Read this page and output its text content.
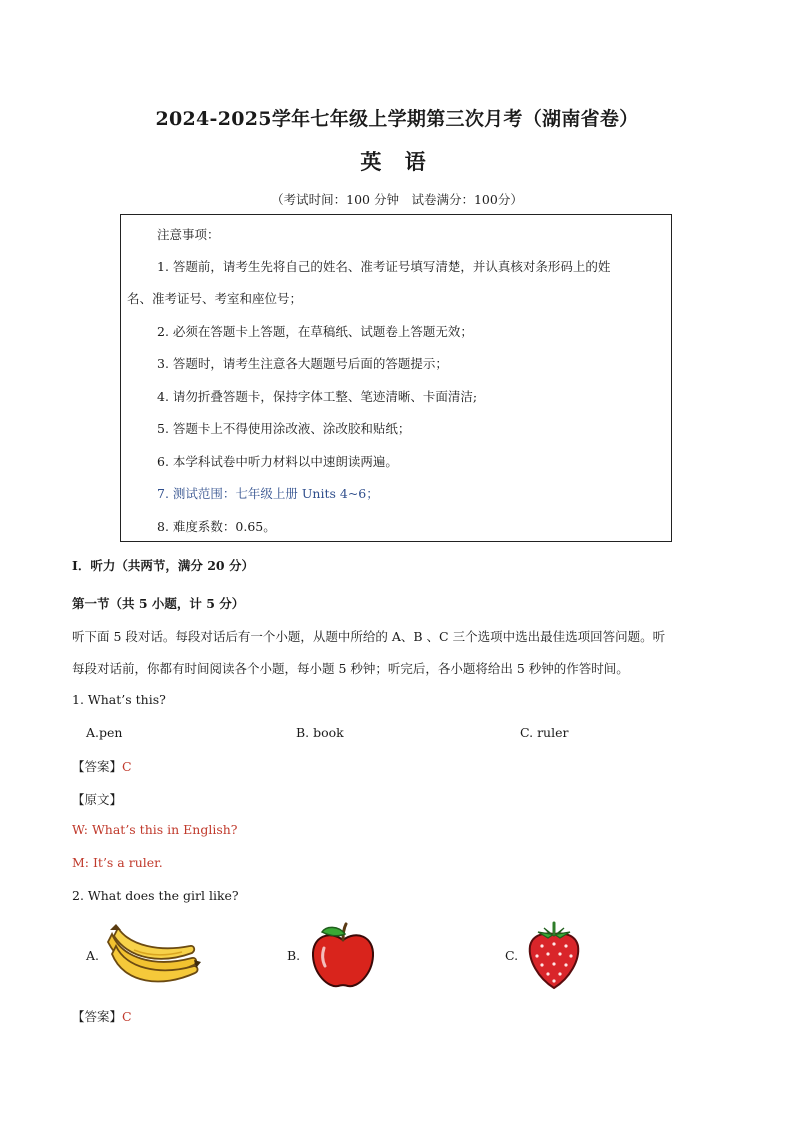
2024-2025学年七年级上学期第三次月考（湖南省卷）
英 语
（考试时间：100 分钟　试卷满分：100分）
注意事项：
1. 答题前，请考生先将自己的姓名、准考证号填写清楚，并认真核对条形码上的姓
名、准考证号、考室和座位号；
2. 必须在答题卡上答题，在草稿纸、试题卷上答题无效；
3. 答题时，请考生注意各大题题号后面的答题提示；
4. 请勿折叠答题卡，保持字体工整、笔迹清晰、卡面清洁;
5. 答题卡上不得使用涂改液、涂改胶和贴纸；
6. 本学科试卷中听力材料以中速朗读两遍。
7. 测试范围：七年级上册 Units 4~6；
8. 难度系数：0.65。
I．听力（共两节，满分 20 分）
第一节（共 5 小题，计 5 分）
听下面 5 段对话。每段对话后有一个小题，从题中所给的 A、B 、C 三个选项中选出最佳选项回答问题。听
每段对话前，你都有时间阅读各个小题，每小题 5 秒钟；听完后，各小题将给出 5 秒钟的作答时间。
1. What’s this?
A.pen	B. book	C. ruler
【答案】C
【原文】
W: What’s this in English?
M: It’s a ruler.
2. What does the girl like?
A.	B.	C.
【答案】C
